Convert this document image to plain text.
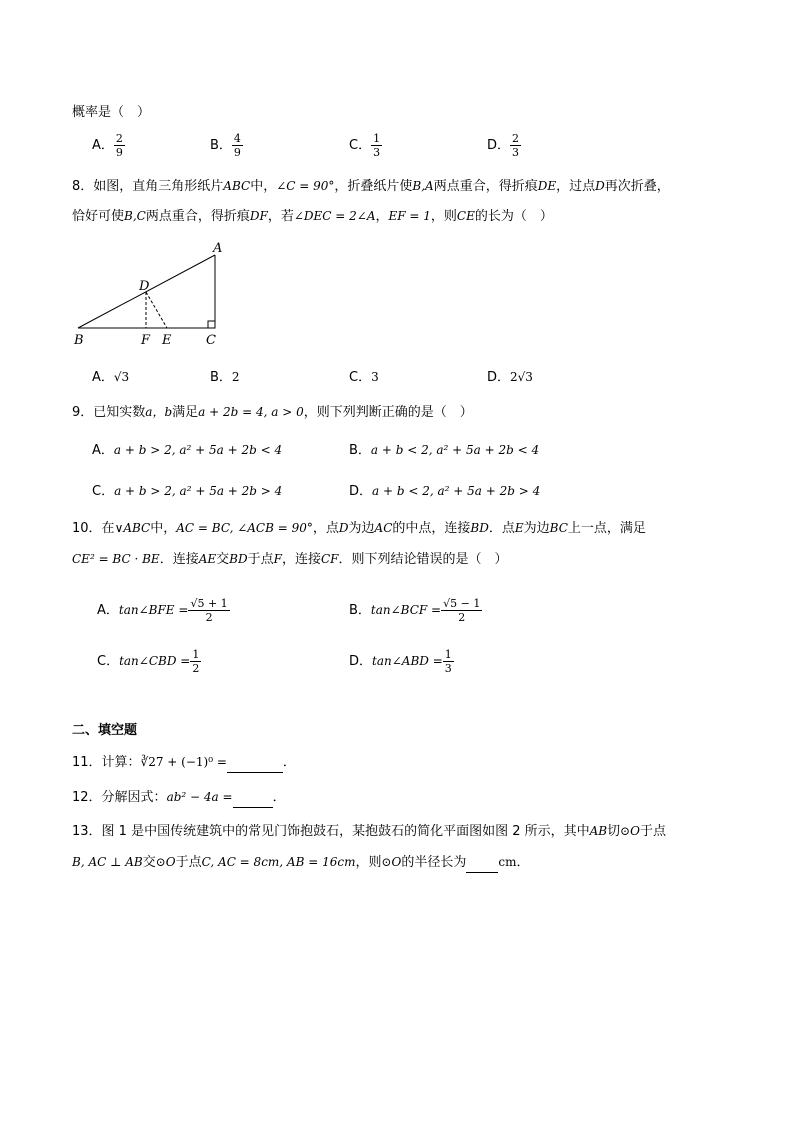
概率是（　）
A． $\frac{2}{9}$	B． $\frac{4}{9}$	C． $\frac{1}{3}$	D． $\frac{2}{3}$
8．如图，直角三角形纸片ABC中，∠C = 90°，折叠纸片使B,A两点重合，得折痕DE，过点D再次折叠，
恰好可使B,C两点重合，得折痕DF，若∠DEC = 2∠A，EF = 1，则CE的长为（　）
A
B	C
D
E
F
A．√3	B．2	C．3	D．2√3
9．已知实数a，b满足a + 2b = 4, a > 0，则下列判断正确的是（　）
A．a + b > 2, a² + 5a + 2b < 4	B．a + b < 2, a² + 5a + 2b < 4
C．a + b > 2, a² + 5a + 2b > 4	D．a + b < 2, a² + 5a + 2b > 4
10．在∨ABC中，AC = BC, ∠ACB = 90°，点D为边AC的中点，连接BD．点E为边BC上一点，满足
CE² = BC · BE．连接AE交BD于点F，连接CF．则下列结论错误的是（　）
A．tan∠BFE = $\frac{√5 + 1}{2}$	B．tan∠BCF = $\frac{√5 - 1}{2}$
C．tan∠CBD = $\frac{1}{2}$	D．tan∠ABD = $\frac{1}{3}$
二、填空题
11．计算：∛27 + (−1)⁰ =	．
12．分解因式：ab² − 4a =	．
13．图 1 是中国传统建筑中的常见门饰抱鼓石，某抱鼓石的简化平面图如图 2 所示，其中AB切⊙O于点
B, AC ⊥ AB交⊙O于点C, AC = 8cm, AB = 16cm，则⊙O的半径长为	cm．
